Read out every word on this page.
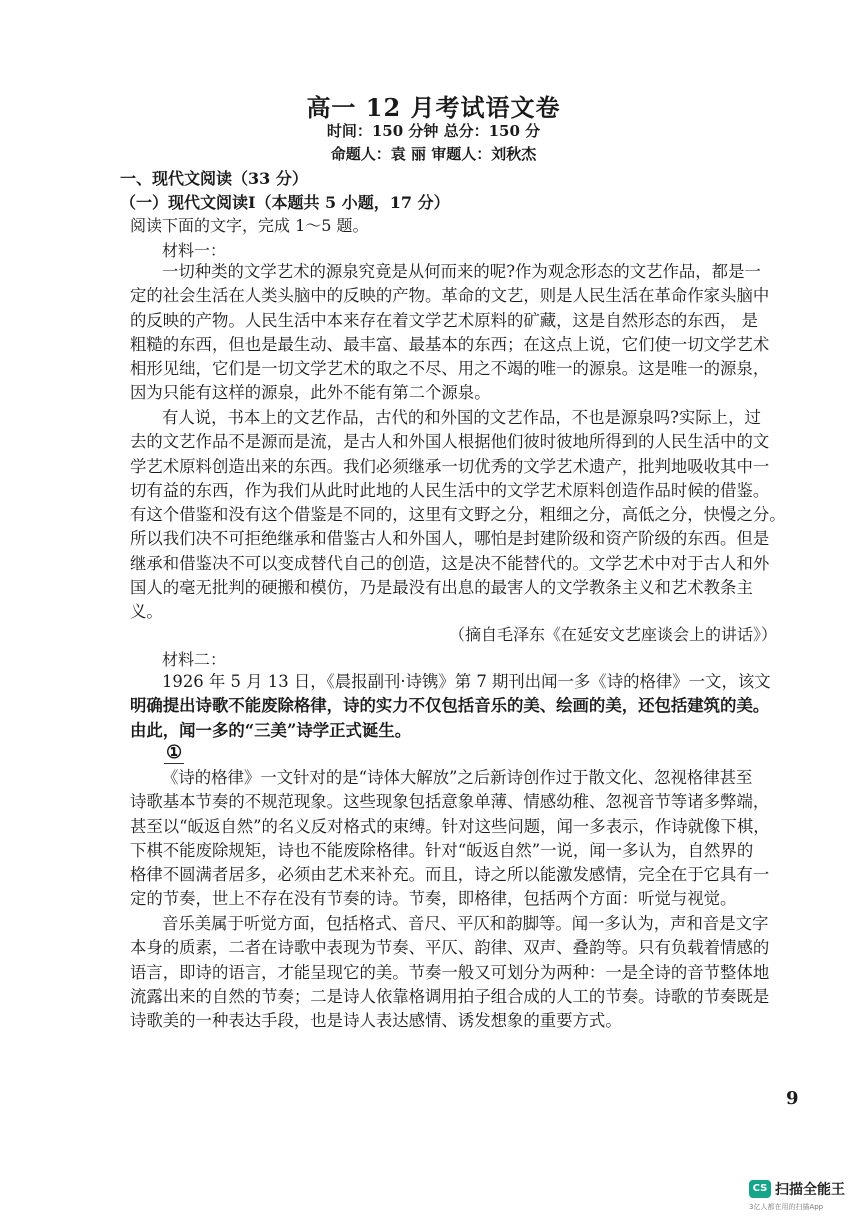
高一 12 月考试语文卷
时间：150 分钟 总分：150 分
命题人：袁 丽 审题人：刘秋杰
一、现代文阅读（33 分）
（一）现代文阅读Ⅰ（本题共 5 小题，17 分）
阅读下面的文字，完成 1～5 题。
材料一：
一切种类的文学艺术的源泉究竟是从何而来的呢?作为观念形态的文艺作品，都是一
定的社会生活在人类头脑中的反映的产物。革命的文艺，则是人民生活在革命作家头脑中
的反映的产物。人民生活中本来存在着文学艺术原料的矿藏，这是自然形态的东西， 是
粗糙的东西，但也是最生动、最丰富、最基本的东西；在这点上说，它们使一切文学艺术
相形见绌，它们是一切文学艺术的取之不尽、用之不竭的唯一的源泉。这是唯一的源泉，
因为只能有这样的源泉，此外不能有第二个源泉。
有人说，书本上的文艺作品，古代的和外国的文艺作品，不也是源泉吗?实际上，过
去的文艺作品不是源而是流，是古人和外国人根据他们彼时彼地所得到的人民生活中的文
学艺术原料创造出来的东西。我们必须继承一切优秀的文学艺术遗产，批判地吸收其中一
切有益的东西，作为我们从此时此地的人民生活中的文学艺术原料创造作品时候的借鉴。
有这个借鉴和没有这个借鉴是不同的，这里有文野之分，粗细之分，高低之分，快慢之分。
所以我们决不可拒绝继承和借鉴古人和外国人，哪怕是封建阶级和资产阶级的东西。但是
继承和借鉴决不可以变成替代自己的创造，这是决不能替代的。文学艺术中对于古人和外
国人的毫无批判的硬搬和模仿，乃是最没有出息的最害人的文学教条主义和艺术教条主
义。
（摘自毛泽东《在延安文艺座谈会上的讲话》）
材料二：
1926 年 5 月 13 日，《晨报副刊·诗镌》第 7 期刊出闻一多《诗的格律》一文，该文
明确提出诗歌不能废除格律，诗的实力不仅包括音乐的美、绘画的美，还包括建筑的美。
由此，闻一多的“三美”诗学正式诞生。
①
《诗的格律》一文针对的是“诗体大解放”之后新诗创作过于散文化、忽视格律甚至
诗歌基本节奏的不规范现象。这些现象包括意象单薄、情感幼稚、忽视音节等诸多弊端，
甚至以“皈返自然”的名义反对格式的束缚。针对这些问题，闻一多表示，作诗就像下棋，
下棋不能废除规矩，诗也不能废除格律。针对“皈返自然”一说，闻一多认为，自然界的
格律不圆满者居多，必须由艺术来补充。而且，诗之所以能激发感情，完全在于它具有一
定的节奏，世上不存在没有节奏的诗。节奏，即格律，包括两个方面：听觉与视觉。
音乐美属于听觉方面，包括格式、音尺、平仄和韵脚等。闻一多认为，声和音是文字
本身的质素，二者在诗歌中表现为节奏、平仄、韵律、双声、叠韵等。只有负载着情感的
语言，即诗的语言，才能呈现它的美。节奏一般又可划分为两种：一是全诗的音节整体地
流露出来的自然的节奏；二是诗人依靠格调用拍子组合成的人工的节奏。诗歌的节奏既是
诗歌美的一种表达手段，也是诗人表达感情、诱发想象的重要方式。
9
CS 扫描全能王
3亿人都在用的扫描App
